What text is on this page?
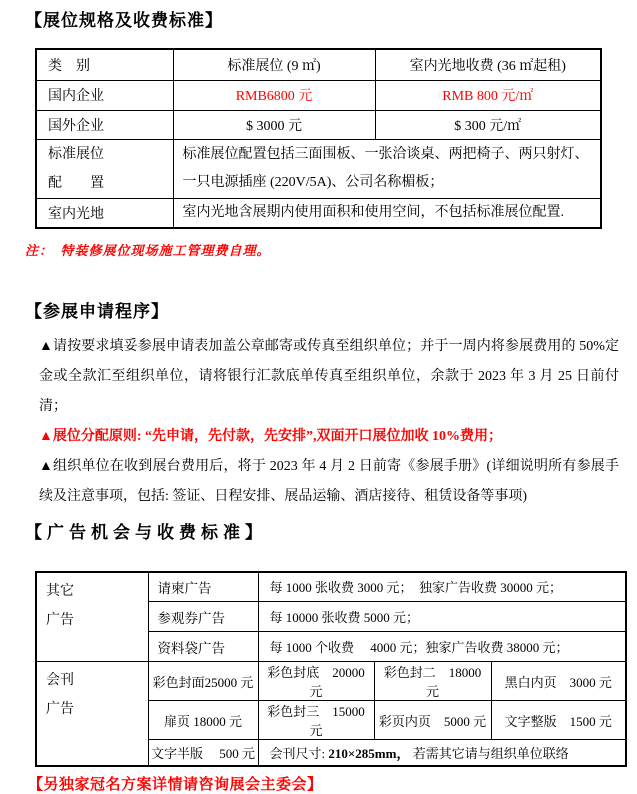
【展位规格及收费标准】
类　别	标准展位 (9 ㎡)	室内光地收费 (36 ㎡起租)
国内企业	RMB6800 元	RMB 800 元/㎡
国外企业	$ 3000 元	$ 300 元/㎡

标准展位
配　　置	标准展位配置包括三面围板、一张洽谈桌、两把椅子、两只射灯、一只电源插座 (220V/5A)、公司名称楣板；	
室内光地	室内光地含展期内使用面积和使用空间，不包括标准展位配置.	
注：　特装修展位现场施工管理费自理。
【参展申请程序】
▲请按要求填妥参展申请表加盖公章邮寄或传真至组织单位；并于一周内将参展费用的 50%定金或全款汇至组织单位，请将银行汇款底单传真至组织单位，余款于 2023 年 3 月 25 日前付清；
▲展位分配原则: “先申请，先付款，先安排”,双面开口展位加收 10%费用；
▲组织单位在收到展台费用后，将于 2023 年 4 月 2 日前寄《参展手册》(详细说明所有参展手续及注意事项，包括: 签证、日程安排、展品运输、酒店接待、租赁设备等事项)
【广告机会与收费标准】
其它
广告	请柬广告	每 1000 张收费 3000 元；　独家广告收费 30000 元；		
	参观券广告	每 10000 张收费 5000 元；		
	资料袋广告	每 1000 个收费 　4000 元；独家广告收费 38000 元；		

会刊
广告	彩色封面25000 元	彩色封底　20000 元	彩色封二　18000 元	黑白内页　3000 元
	扉页 18000 元	彩色封三　15000 元	彩页内页　5000 元	文字整版　1500 元
	文字半版　 500 元	会刊尺寸: 210×285mm， 若需其它请与组织单位联络		
【另独家冠名方案详情请咨询展会主委会】
